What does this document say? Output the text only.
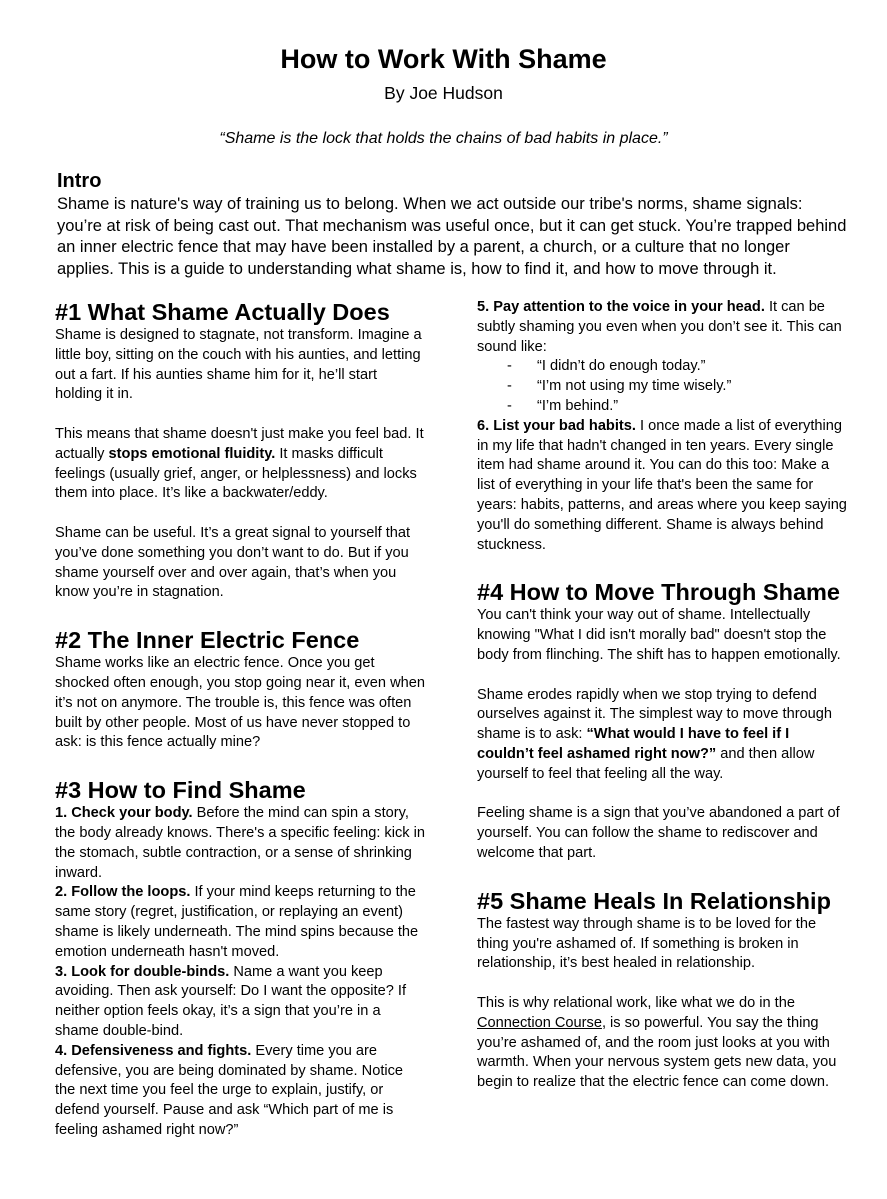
How to Work With Shame
By Joe Hudson
“Shame is the lock that holds the chains of bad habits in place.”
Intro

Shame is nature's way of training us to belong. When we act outside our tribe's norms, shame signals: you’re at risk of being cast out. That mechanism was useful once, but it can get stuck. You’re trapped behind an inner electric fence that may have been installed by a parent, a church, or a culture that no longer applies. This is a guide to understanding what shame is, how to find it, and how to move through it.

#1 What Shame Actually Does

Shame is designed to stagnate, not transform. Imagine a little boy, sitting on the couch with his aunties, and letting out a fart. If his aunties shame him for it, he’ll start holding it in.

This means that shame doesn't just make you feel bad. It actually stops emotional fluidity. It masks difficult feelings (usually grief, anger, or helplessness) and locks them into place. It’s like a backwater/eddy.

Shame can be useful. It’s a great signal to yourself that you’ve done something you don’t want to do. But if you shame yourself over and over again, that’s when you know you’re in stagnation.

#2 The Inner Electric Fence

Shame works like an electric fence. Once you get shocked often enough, you stop going near it, even when it’s not on anymore. The trouble is, this fence was often built by other people. Most of us have never stopped to ask: is this fence actually mine?

#3 How to Find Shame

1. Check your body. Before the mind can spin a story, the body already knows. There's a specific feeling: kick in the stomach, subtle contraction, or a sense of shrinking inward.

2. Follow the loops. If your mind keeps returning to the same story (regret, justification, or replaying an event) shame is likely underneath. The mind spins because the emotion underneath hasn't moved.

3. Look for double-binds. Name a want you keep avoiding. Then ask yourself: Do I want the opposite? If neither option feels okay, it’s a sign that you’re in a shame double-bind.

4. Defensiveness and fights. Every time you are defensive, you are being dominated by shame. Notice the next time you feel the urge to explain, justify, or defend yourself. Pause and ask “Which part of me is feeling ashamed right now?”

5. Pay attention to the voice in your head. It can be subtly shaming you even when you don’t see it. This can sound like:

- “I didn’t do enough today.”
- “I’m not using my time wisely.”
- “I’m behind.”

6. List your bad habits. I once made a list of everything in my life that hadn't changed in ten years. Every single item had shame around it. You can do this too: Make a list of everything in your life that's been the same for years: habits, patterns, and areas where you keep saying you'll do something different. Shame is always behind stuckness.

#4 How to Move Through Shame

You can't think your way out of shame. Intellectually knowing "What I did isn't morally bad" doesn't stop the body from flinching. The shift has to happen emotionally.

Shame erodes rapidly when we stop trying to defend ourselves against it. The simplest way to move through shame is to ask: “What would I have to feel if I couldn’t feel ashamed right now?” and then allow yourself to feel that feeling all the way.

Feeling shame is a sign that you’ve abandoned a part of yourself. You can follow the shame to rediscover and welcome that part.

#5 Shame Heals In Relationship

The fastest way through shame is to be loved for the thing you're ashamed of. If something is broken in relationship, it’s best healed in relationship.

This is why relational work, like what we do in the Connection Course, is so powerful. You say the thing you’re ashamed of, and the room just looks at you with warmth. When your nervous system gets new data, you begin to realize that the electric fence can come down.
